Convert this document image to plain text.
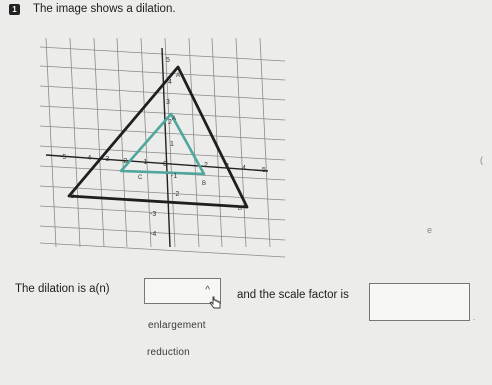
1 The image shows a dilation.
-5	-4 -3 -2 -1 0	2 3 4 5
5
4
3
2
1
-1
-2
-3
-4
A
C
B
A
C
B
(
e
The dilation is a(n)	^ and the scale factor is
.
enlargement
reduction
